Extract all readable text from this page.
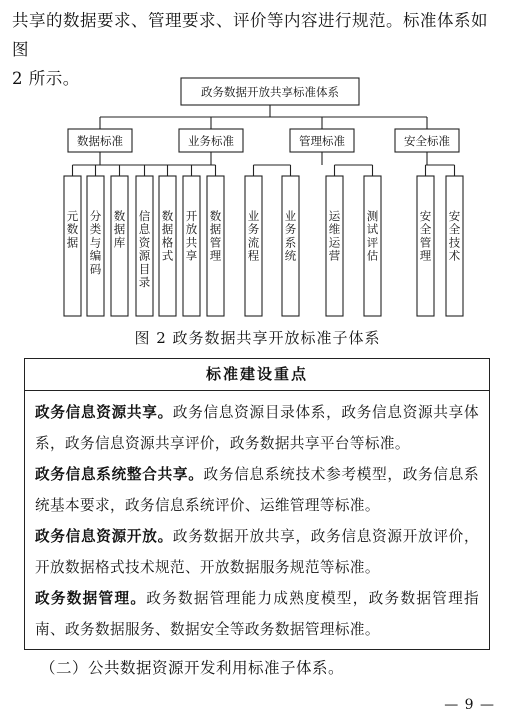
共享的数据要求、管理要求、评价等内容进行规范。标准体系如图
2 所示。
政务数据开放共享标准体系
数据标准
元数据
分类与编码
数据库
信息资源目录
数据格式
开放共享
数据管理
业务标准
业务流程
业务系统
管理标准
运维运营
测试评估
安全标准
安全管理
安全技术
图 2 政务数据共享开放标准子体系
标准建设重点

政务信息资源共享。政务信息资源目录体系，政务信息资源共享体系，政务信息资源共享评价，政务数据共享平台等标准。

政务信息系统整合共享。政务信息系统技术参考模型，政务信息系统基本要求，政务信息系统评价、运维管理等标准。

政务信息资源开放。政务数据开放共享，政务信息资源开放评价，开放数据格式技术规范、开放数据服务规范等标准。

政务数据管理。政务数据管理能力成熟度模型，政务数据管理指南、政务数据服务、数据安全等政务数据管理标准。

（二）公共数据资源开发利用标准子体系。
— 9 —
